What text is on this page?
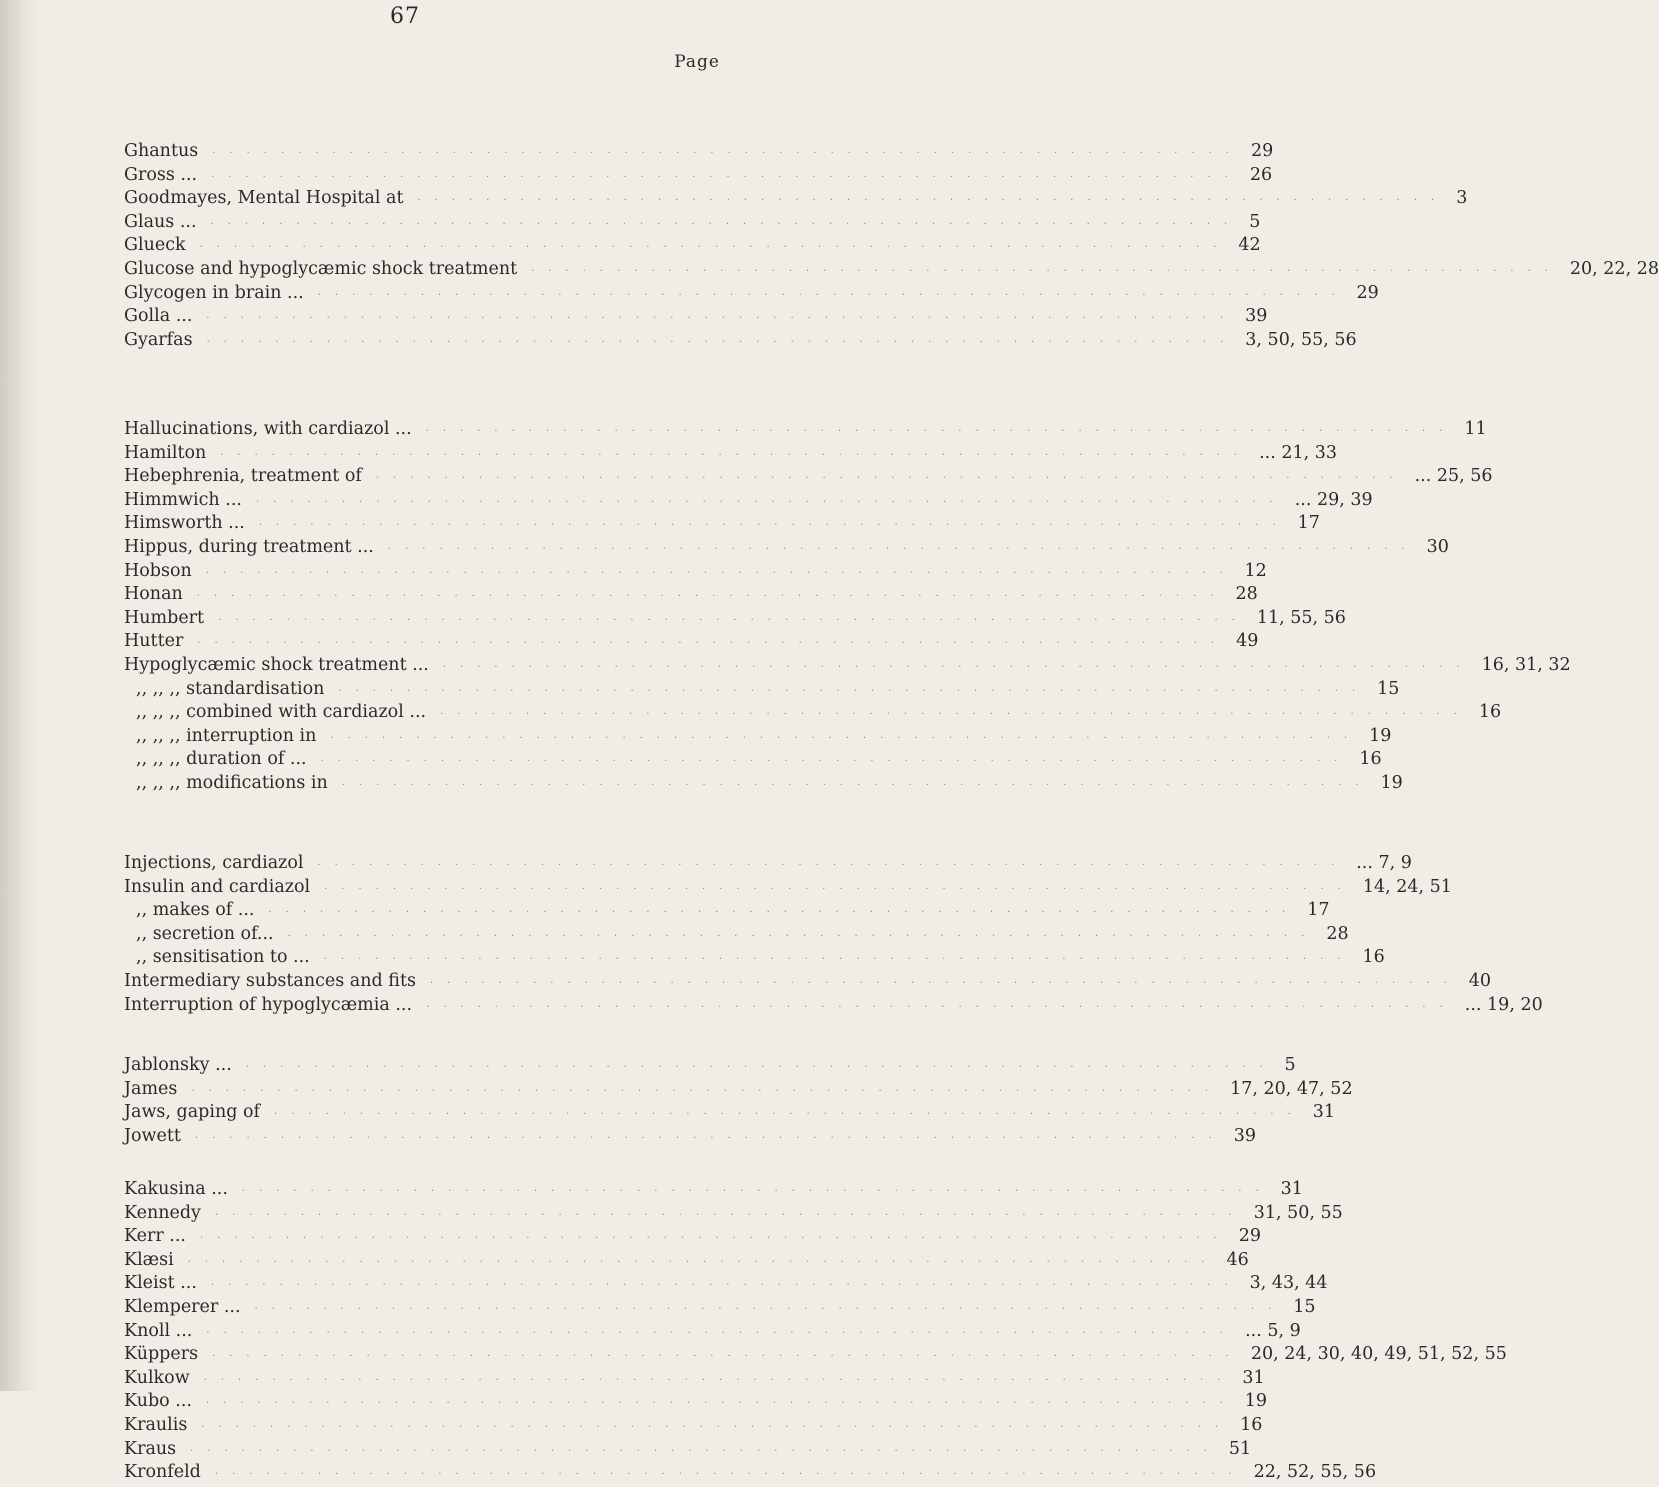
67
Page
Ghantus	···························································· 29
Gross ...	···························································· 26
Goodmayes, Mental Hospital at	···························································· 3
Glaus ...	···························································· 5
Glueck	···························································· 42
Glucose and hypoglycæmic shock treatment	···························································· 20, 22, 28
Glycogen in brain ...	···························································· 29
Golla ...	···························································· 39
Gyarfas	···························································· 3, 50, 55, 56
Hallucinations, with cardiazol ...	···························································· 11
Hamilton	···························································· ... 21, 33
Hebephrenia, treatment of	···························································· ... 25, 56
Himmwich ...	···························································· ... 29, 39
Himsworth ...	···························································· 17
Hippus, during treatment ...	···························································· 30
Hobson	···························································· 12
Honan	···························································· 28
Humbert	···························································· 11, 55, 56
Hutter	···························································· 49
Hypoglycæmic shock treatment ...	···························································· 16, 31, 32
,, ,, ,, standardisation	···························································· 15
,, ,, ,, combined with cardiazol ...	···························································· 16
,, ,, ,, interruption in	···························································· 19
,, ,, ,, duration of ...	···························································· 16
,, ,, ,, modifications in	···························································· 19
Injections, cardiazol	···························································· ... 7, 9
Insulin and cardiazol	···························································· 14, 24, 51
,, makes of ...	···························································· 17
,, secretion of...	···························································· 28
,, sensitisation to ...	···························································· 16
Intermediary substances and fits	···························································· 40
Interruption of hypoglycæmia ...	···························································· ... 19, 20
Jablonsky ...	···························································· 5
James	···························································· 17, 20, 47, 52
Jaws, gaping of	···························································· 31
Jowett	···························································· 39
Kakusina ...	···························································· 31
Kennedy	···························································· 31, 50, 55
Kerr ...	···························································· 29
Klæsi	···························································· 46
Kleist ...	···························································· 3, 43, 44
Klemperer ...	···························································· 15
Knoll ...	···························································· ... 5, 9
Küppers	···························································· 20, 24, 30, 40, 49, 51, 52, 55
Kulkow	···························································· 31
Kubo ...	···························································· 19
Kraulis	···························································· 16
Kraus	···························································· 51
Kronfeld	···························································· 22, 52, 55, 56
